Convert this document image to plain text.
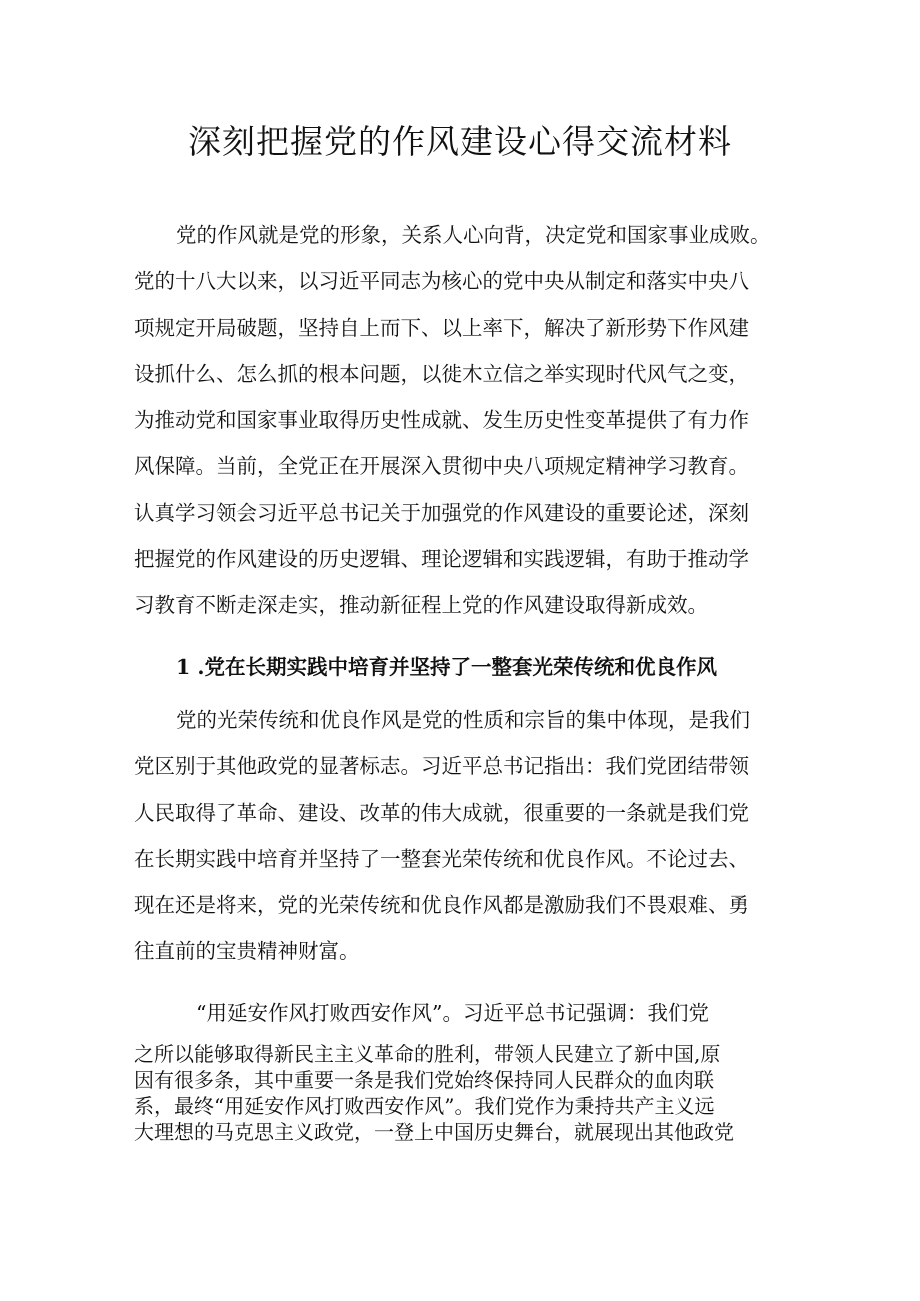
深刻把握党的作风建设心得交流材料
党的作风就是党的形象，关系人心向背，决定党和国家事业成败。
党的十八大以来，以习近平同志为核心的党中央从制定和落实中央八
项规定开局破题，坚持自上而下、以上率下，解决了新形势下作风建
设抓什么、怎么抓的根本问题，以徙木立信之举实现时代风气之变，
为推动党和国家事业取得历史性成就、发生历史性变革提供了有力作
风保障。当前，全党正在开展深入贯彻中央八项规定精神学习教育。
认真学习领会习近平总书记关于加强党的作风建设的重要论述，深刻
把握党的作风建设的历史逻辑、理论逻辑和实践逻辑，有助于推动学
习教育不断走深走实，推动新征程上党的作风建设取得新成效。
1 .党在长期实践中培育并坚持了一整套光荣传统和优良作风
党的光荣传统和优良作风是党的性质和宗旨的集中体现，是我们
党区别于其他政党的显著标志。习近平总书记指出：我们党团结带领
人民取得了革命、建设、改革的伟大成就，很重要的一条就是我们党
在长期实践中培育并坚持了一整套光荣传统和优良作风。不论过去、
现在还是将来，党的光荣传统和优良作风都是激励我们不畏艰难、勇
往直前的宝贵精神财富。

“用延安作风打败西安作风”。习近平总书记强调：我们党

之所以能够取得新民主主义革命的胜利，带领人民建立了新中国,原
因有很多条，其中重要一条是我们党始终保持同人民群众的血肉联
系，最终“用延安作风打败西安作风”。我们党作为秉持共产主义远
大理想的马克思主义政党，一登上中国历史舞台，就展现出其他政党
